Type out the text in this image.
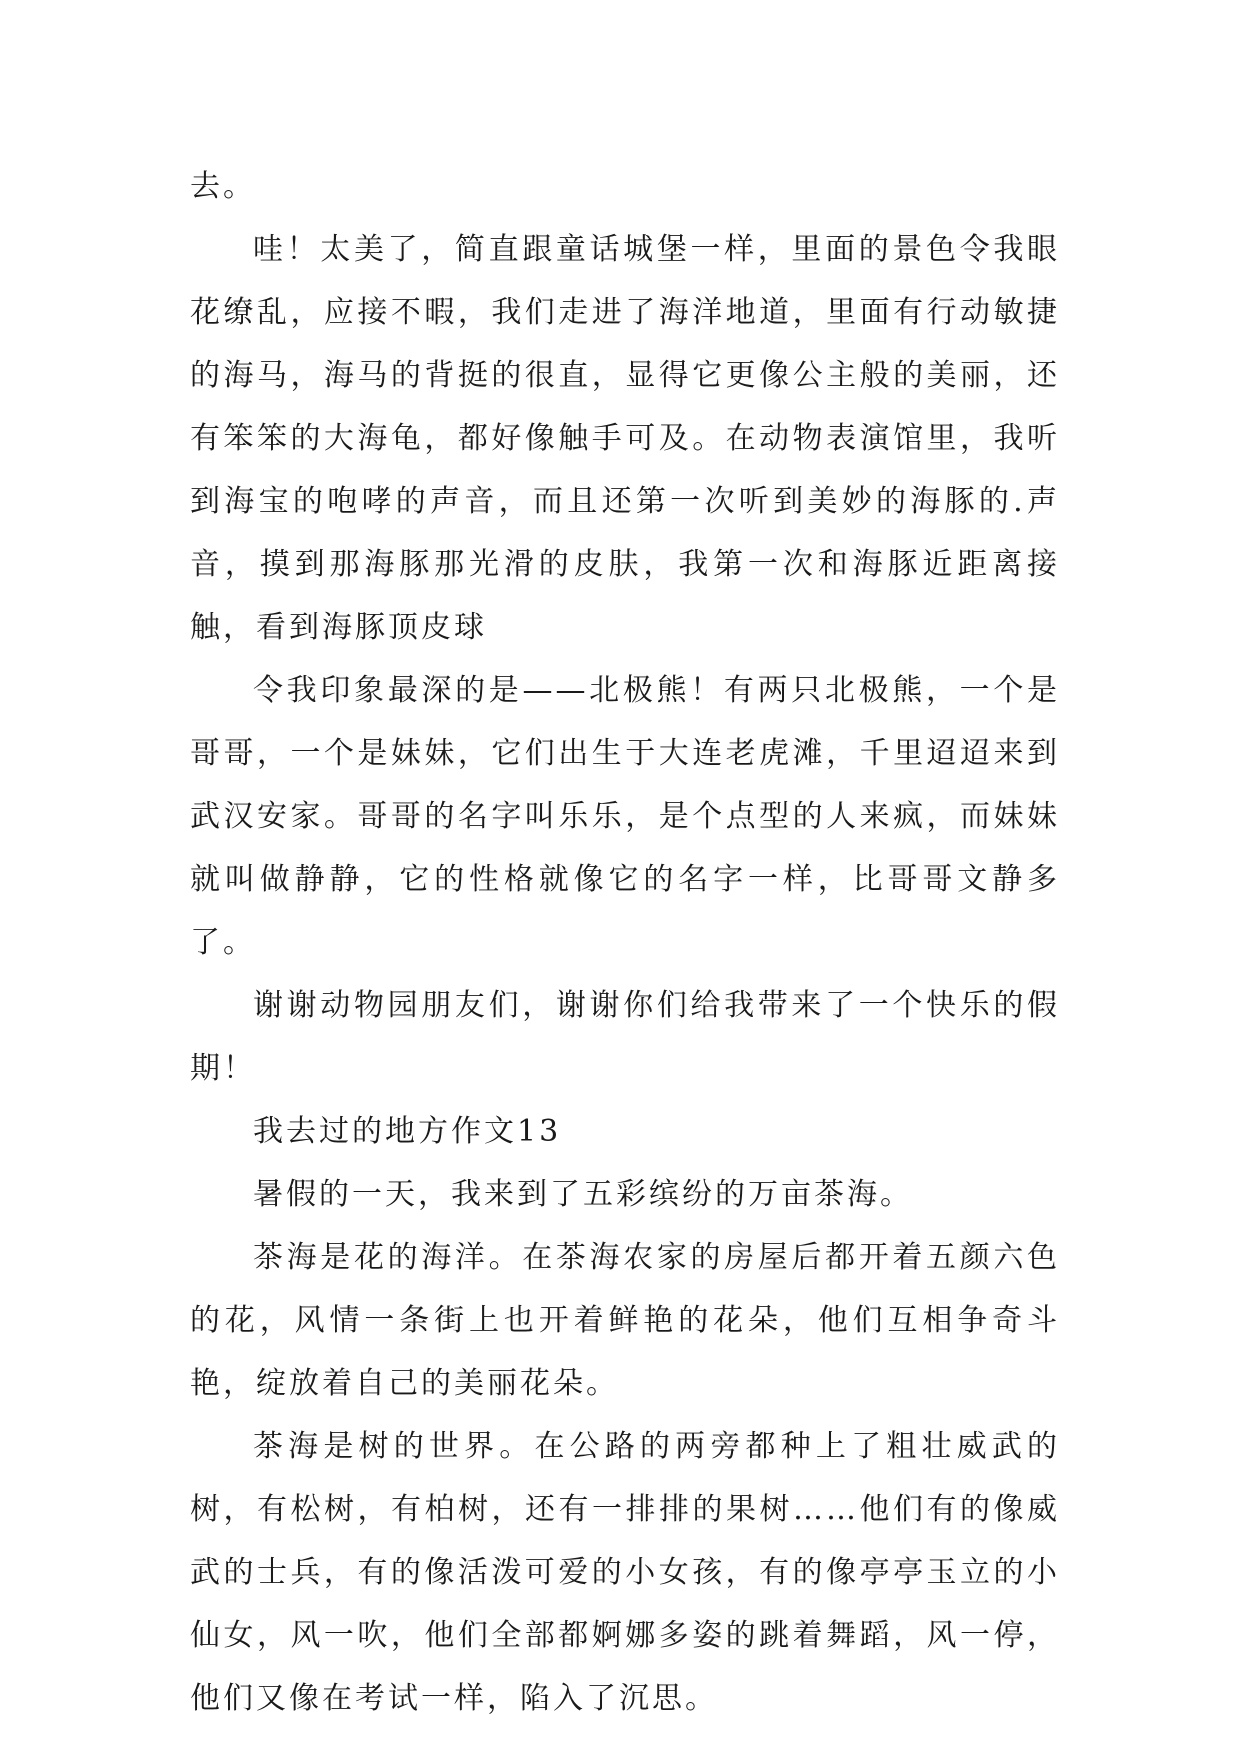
去。

哇！太美了，简直跟童话城堡一样，里面的景色令我眼花缭乱，应接不暇，我们走进了海洋地道，里面有行动敏捷的海马，海马的背挺的很直，显得它更像公主般的美丽，还有笨笨的大海龟，都好像触手可及。在动物表演馆里，我听到海宝的咆哮的声音，而且还第一次听到美妙的海豚的.声音，摸到那海豚那光滑的皮肤，我第一次和海豚近距离接触，看到海豚顶皮球

令我印象最深的是——北极熊！有两只北极熊，一个是哥哥，一个是妹妹，它们出生于大连老虎滩，千里迢迢来到武汉安家。哥哥的名字叫乐乐，是个点型的人来疯，而妹妹就叫做静静，它的性格就像它的名字一样，比哥哥文静多了。

谢谢动物园朋友们，谢谢你们给我带来了一个快乐的假期！

我去过的地方作文13

暑假的一天，我来到了五彩缤纷的万亩茶海。

茶海是花的海洋。在茶海农家的房屋后都开着五颜六色的花，风情一条街上也开着鲜艳的花朵，他们互相争奇斗艳，绽放着自己的美丽花朵。

茶海是树的世界。在公路的两旁都种上了粗壮威武的树，有松树，有柏树，还有一排排的果树……他们有的像威武的士兵，有的像活泼可爱的小女孩，有的像亭亭玉立的小仙女，风一吹，他们全部都婀娜多姿的跳着舞蹈，风一停，他们又像在考试一样，陷入了沉思。
